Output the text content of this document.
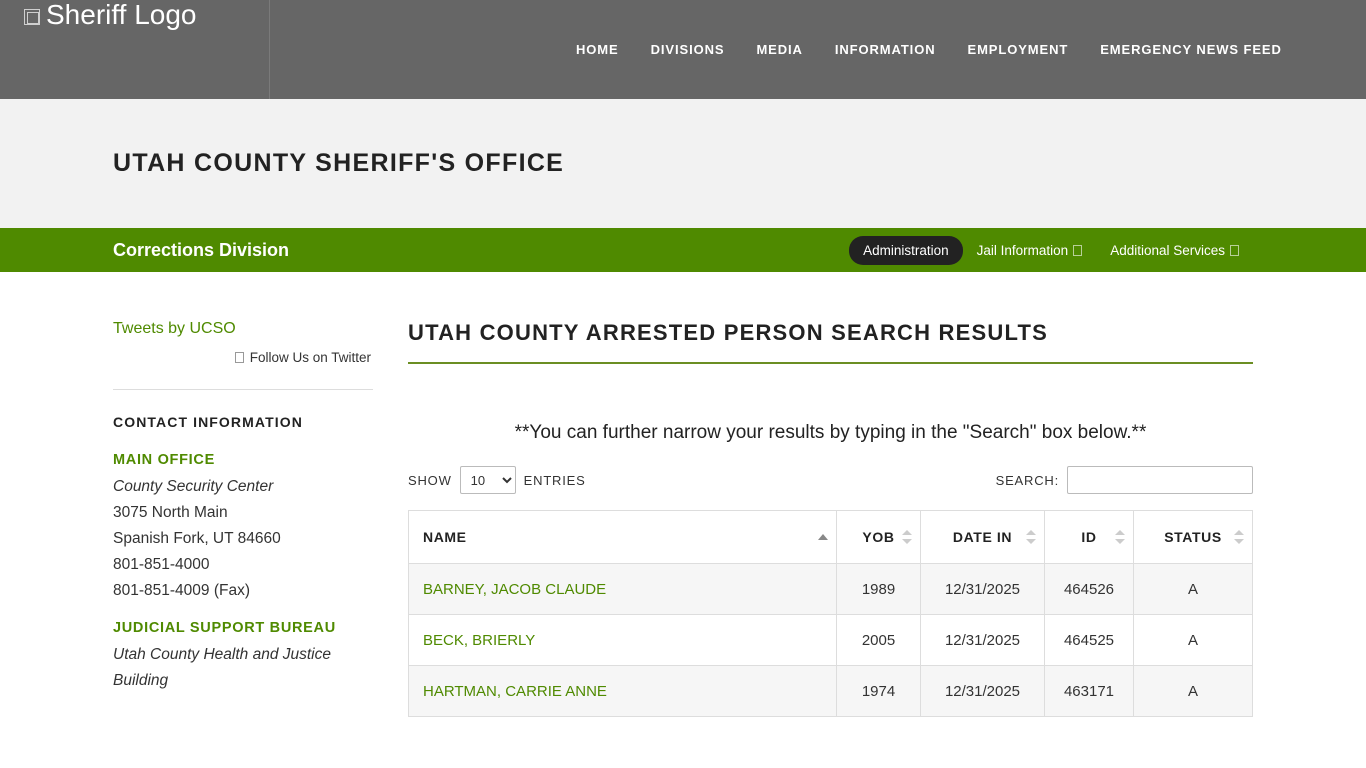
Sheriff Logo
HOME	DIVISIONS	MEDIA	INFORMATION	EMPLOYMENT	EMERGENCY NEWS FEED
UTAH COUNTY SHERIFF'S OFFICE
Corrections Division	Administration	Jail Information	Additional Services
Tweets by UCSO
Follow Us on Twitter
CONTACT INFORMATION
MAIN OFFICE
County Security Center
3075 North Main
Spanish Fork, UT 84660
801-851-4000
801-851-4009 (Fax)
JUDICIAL SUPPORT BUREAU
Utah County Health and Justice Building
UTAH COUNTY ARRESTED PERSON SEARCH RESULTS
**You can further narrow your results by typing in the "Search" box below.**
SHOW
10	ENTRIES	SEARCH:
NAME	YOB	DATE IN	ID	STATUS

BARNEY, JACOB CLAUDE	1989	12/31/2025	464526	A
BECK, BRIERLY	2005	12/31/2025	464525	A
HARTMAN, CARRIE ANNE	1974	12/31/2025	463171	A
